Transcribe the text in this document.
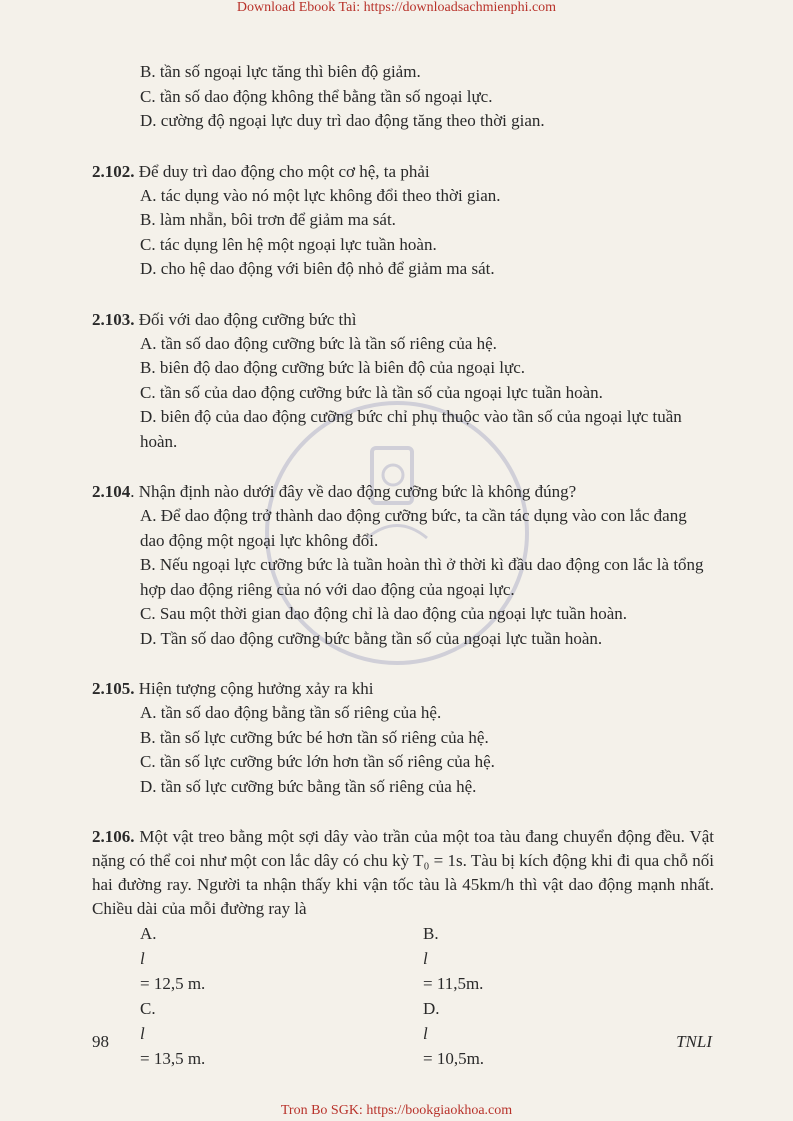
Download Ebook Tai: https://downloadsachmienphi.com
B. tần số ngoại lực tăng thì biên độ giảm.
C. tần số dao động không thể bằng tần số ngoại lực.
D. cường độ ngoại lực duy trì dao động tăng theo thời gian.
2.102. Để duy trì dao động cho một cơ hệ, ta phải
A. tác dụng vào nó một lực không đổi theo thời gian.
B. làm nhẵn, bôi trơn để giảm ma sát.
C. tác dụng lên hệ một ngoại lực tuần hoàn.
D. cho hệ dao động với biên độ nhỏ để giảm ma sát.
2.103. Đối với dao động cưỡng bức thì
A. tần số dao động cưỡng bức là tần số riêng của hệ.
B. biên độ dao động cưỡng bức là biên độ của ngoại lực.
C. tần số của dao động cưỡng bức là tần số của ngoại lực tuần hoàn.
D. biên độ của dao động cưỡng bức chỉ phụ thuộc vào tần số của ngoại lực tuần hoàn.
2.104. Nhận định nào dưới đây về dao động cưỡng bức là không đúng?
A. Để dao động trở thành dao động cưỡng bức, ta cần tác dụng vào con lắc đang dao động một ngoại lực không đổi.
B. Nếu ngoại lực cưỡng bức là tuần hoàn thì ở thời kì đầu dao động con lắc là tổng hợp dao động riêng của nó với dao động của ngoại lực.
C. Sau một thời gian dao động chỉ là dao động của ngoại lực tuần hoàn.
D. Tần số dao động cưỡng bức bằng tần số của ngoại lực tuần hoàn.
2.105. Hiện tượng cộng hưởng xảy ra khi
A. tần số dao động bằng tần số riêng của hệ.
B. tần số lực cưỡng bức bé hơn tần số riêng của hệ.
C. tần số lực cưỡng bức lớn hơn tần số riêng của hệ.
D. tần số lực cưỡng bức bằng tần số riêng của hệ.
2.106. Một vật treo bằng một sợi dây vào trần của một toa tàu đang chuyển động đều. Vật nặng có thể coi như một con lắc dây có chu kỳ T₀ = 1s. Tàu bị kích động khi đi qua chỗ nối hai đường ray. Người ta nhận thấy khi vận tốc tàu là 45km/h thì vật dao động mạnh nhất. Chiều dài của mỗi đường ray là
A. l= 12,5 m.
B. l= 11,5m.
C. l= 13,5 m.
D. l= 10,5m.
98	TNLI
Tron Bo SGK: https://bookgiaokhoa.com
